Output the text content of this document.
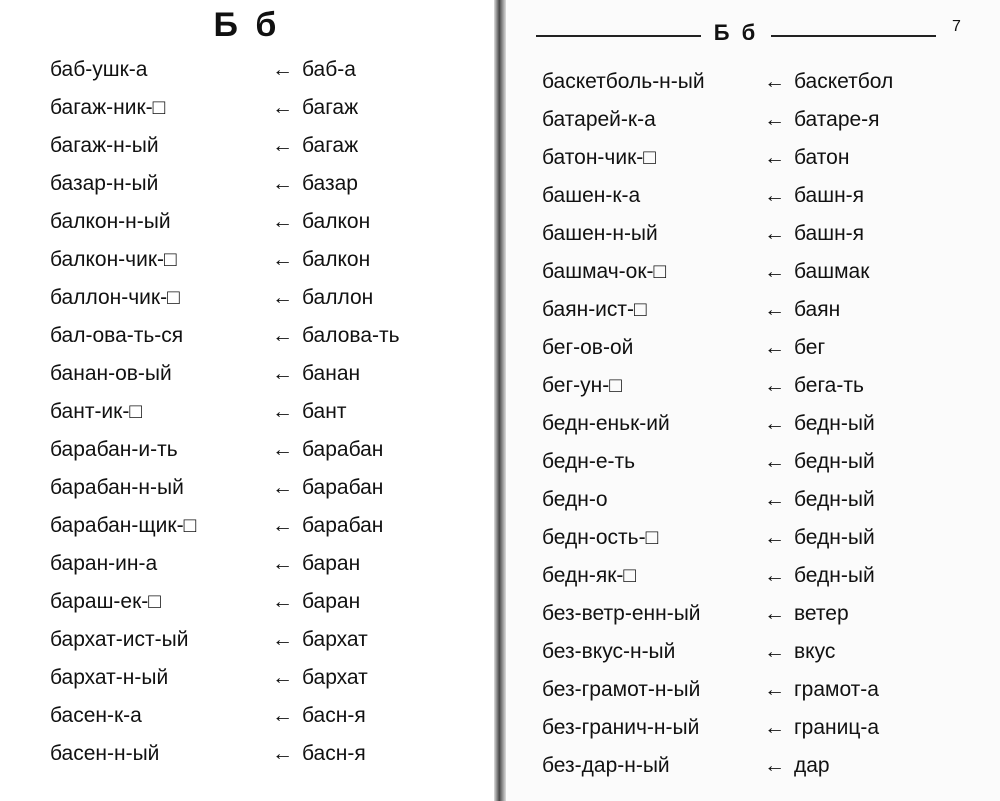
Б б
баб-ушк-а	← баб-а
багаж-ник-□	← багаж
багаж-н-ый	← багаж
базар-н-ый	← базар
балкон-н-ый	← балкон
балкон-чик-□	← балкон
баллон-чик-□	← баллон
бал-ова-ть-ся	← балова-ть
банан-ов-ый	← банан
бант-ик-□	← бант
барабан-и-ть	← барабан
барабан-н-ый	← барабан
барабан-щик-□	← барабан
баран-ин-а	← баран
бараш-ек-□	← баран
бархат-ист-ый	← бархат
бархат-н-ый	← бархат
басен-к-а	← басн-я
басен-н-ый	← басн-я
Б б	7
баскетболь-н-ый	← баскетбол
батарей-к-а	← батаре-я
батон-чик-□	← батон
башен-к-а	← башн-я
башен-н-ый	← башн-я
башмач-ок-□	← башмак
баян-ист-□	← баян
бег-ов-ой	← бег
бег-ун-□	← бега-ть
бедн-еньк-ий	← бедн-ый
бедн-е-ть	← бедн-ый
бедн-о	← бедн-ый
бедн-ость-□	← бедн-ый
бедн-як-□	← бедн-ый
без-ветр-енн-ый	← ветер
без-вкус-н-ый	← вкус
без-грамот-н-ый	← грамот-а
без-гранич-н-ый	← границ-а
без-дар-н-ый	← дар
